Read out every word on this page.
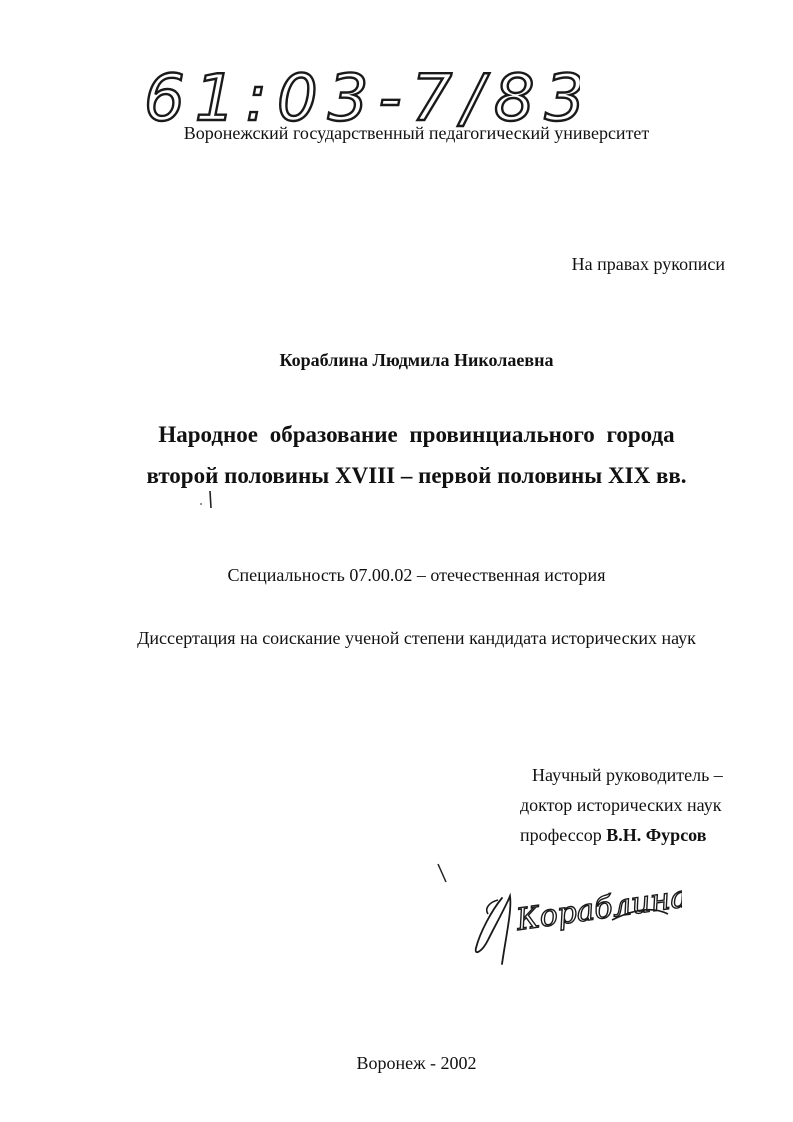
61:03-7/8
Воронежский государственный педагогический университет
На правах рукописи
Кораблина Людмила Николаевна
Народное образование провинциального города
второй половины XVIII – первой половины XIX вв.
Специальность 07.00.02 – отечественная история
Диссертация на соискание ученой степени кандидата исторических наук
Научный руководитель –
доктор исторических наук
профессор В.Н. Фурсов
Кораблина
Воронеж - 2002
